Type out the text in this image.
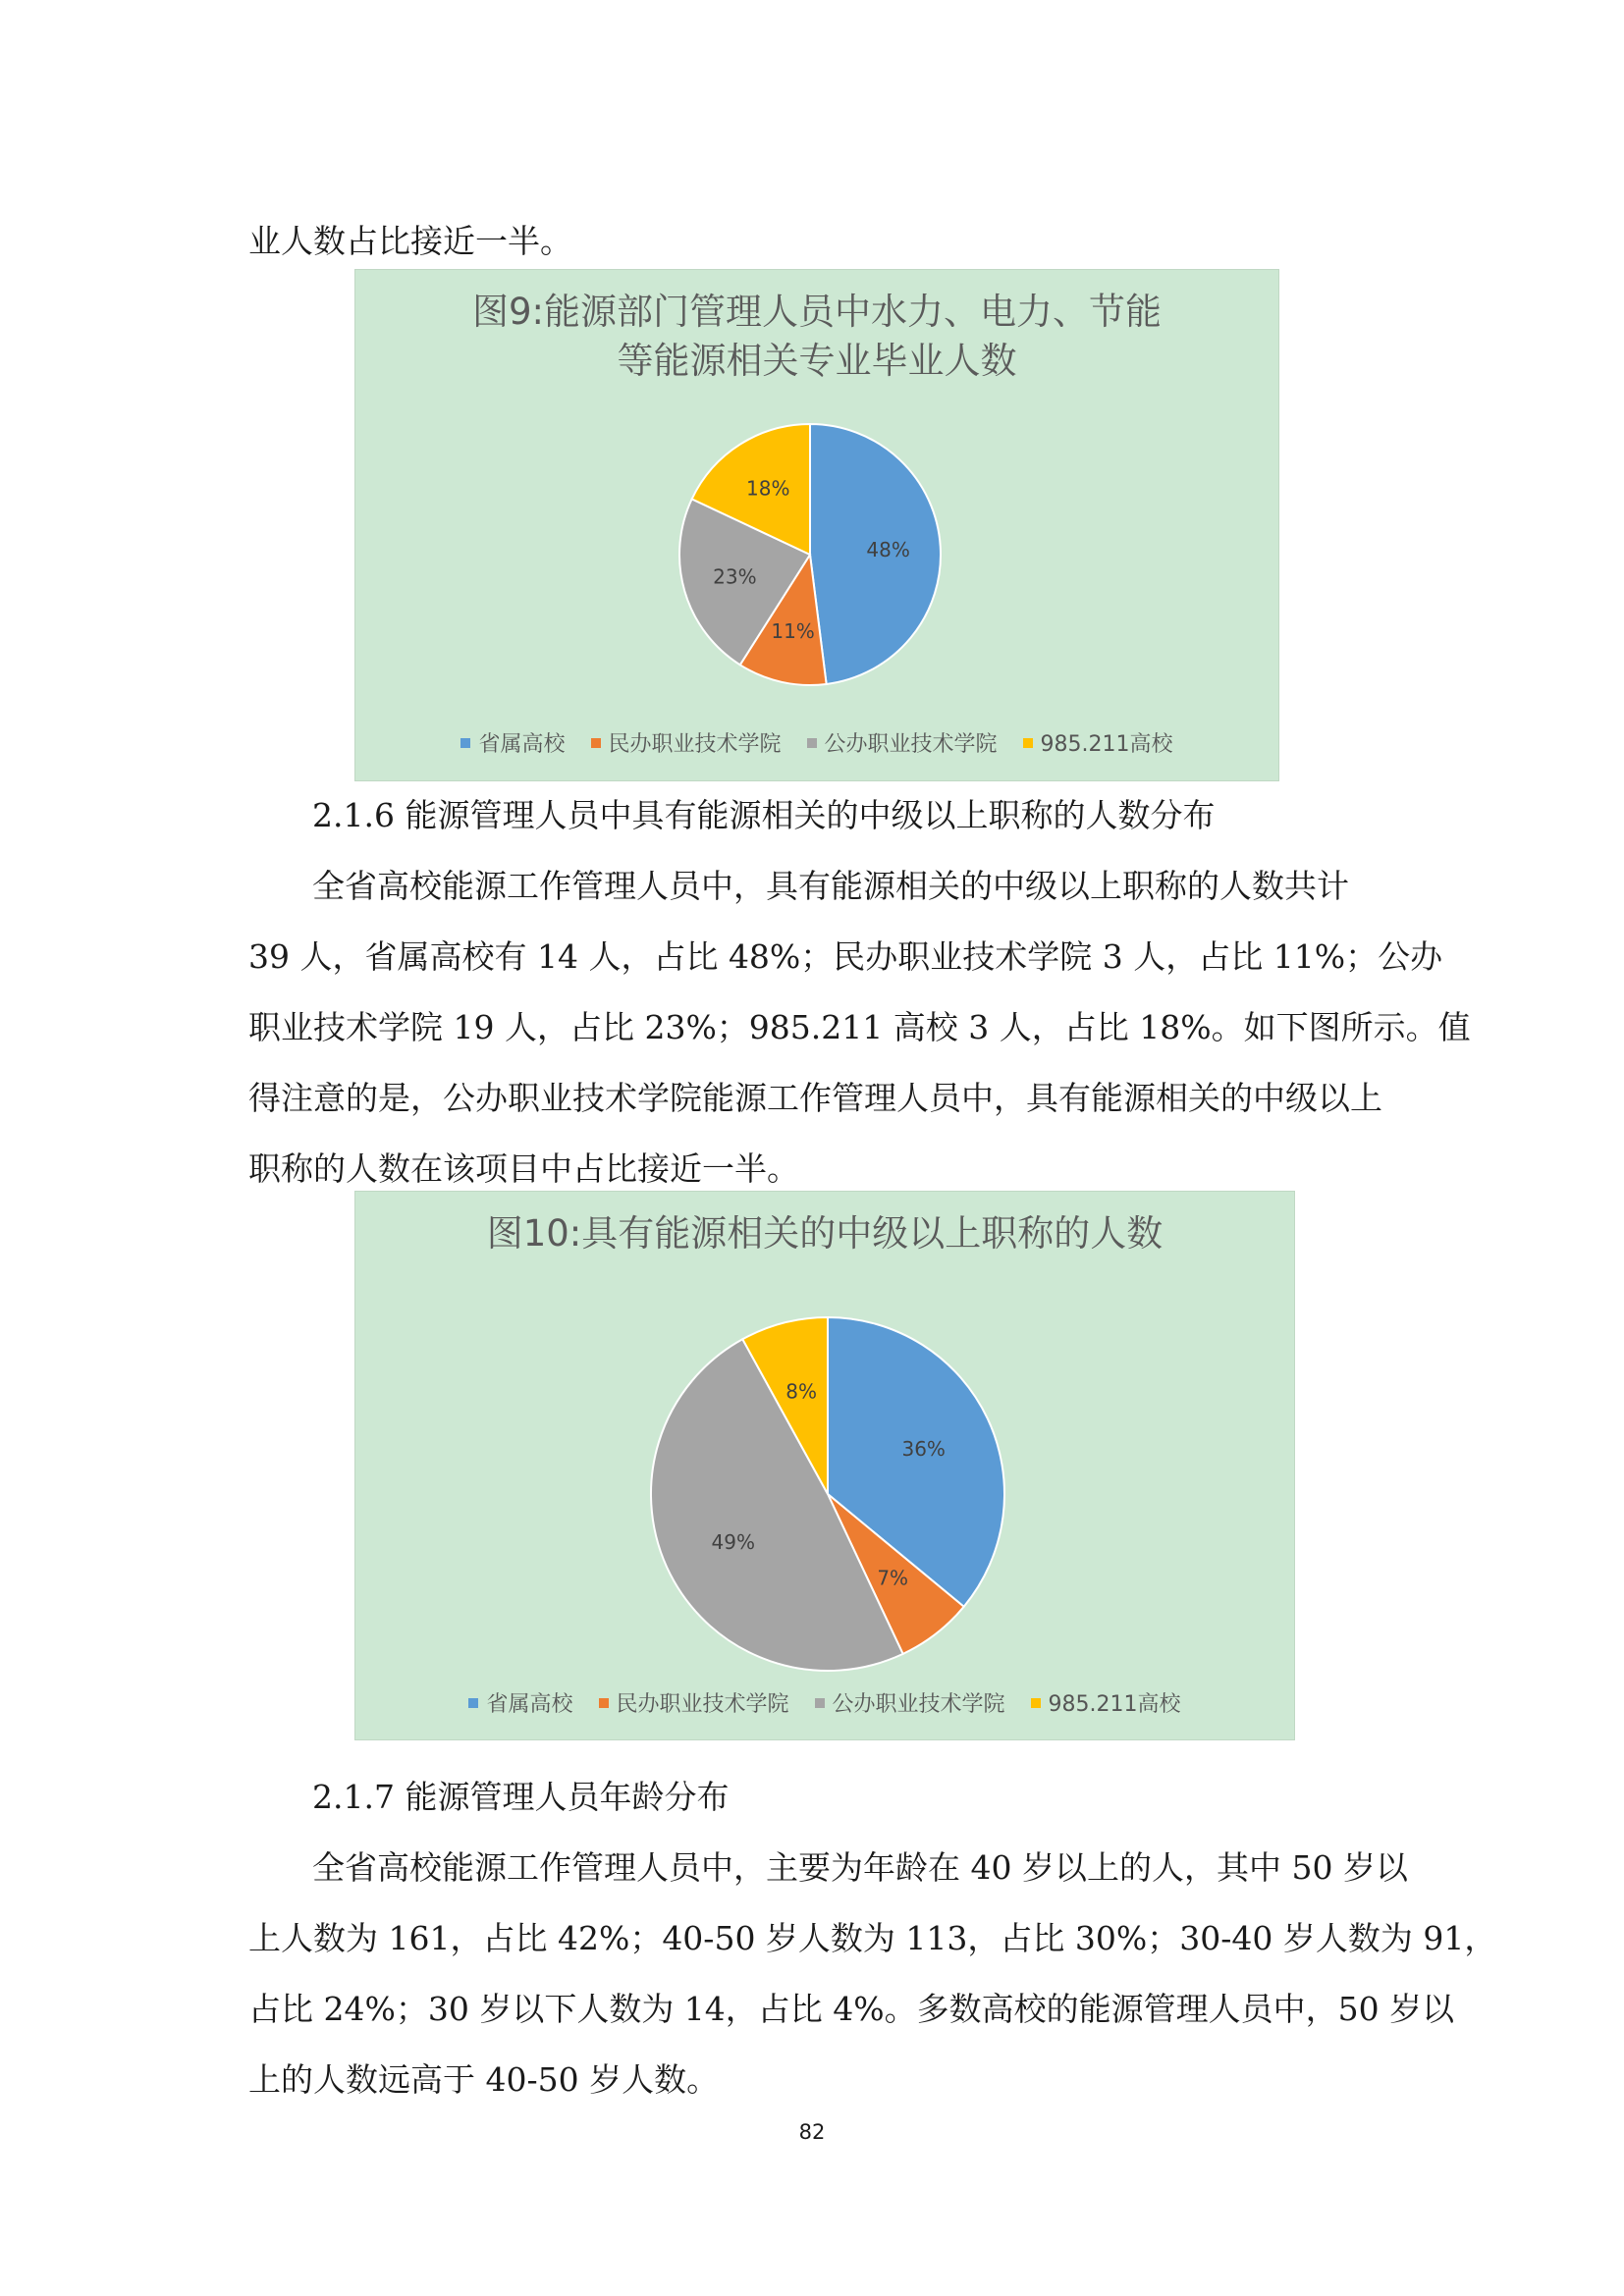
业人数占比接近一半。
图9:能源部门管理人员中水力、电力、节能
等能源相关专业毕业人数
48%
11%
23%
18%
省属高校 民办职业技术学院 公办职业技术学院 985.211高校
2.1.6 能源管理人员中具有能源相关的中级以上职称的人数分布
全省高校能源工作管理人员中，具有能源相关的中级以上职称的人数共计
39 人，省属高校有 14 人，占比 48%；民办职业技术学院 3 人，占比 11%；公办
职业技术学院 19 人，占比 23%；985.211 高校 3 人，占比 18%。如下图所示。值
得注意的是，公办职业技术学院能源工作管理人员中，具有能源相关的中级以上
职称的人数在该项目中占比接近一半。
图10:具有能源相关的中级以上职称的人数
36%
7%
49%
8%
省属高校 民办职业技术学院 公办职业技术学院 985.211高校
2.1.7 能源管理人员年龄分布
全省高校能源工作管理人员中，主要为年龄在 40 岁以上的人，其中 50 岁以
上人数为 161，占比 42%；40-50 岁人数为 113，占比 30%；30-40 岁人数为 91，
占比 24%；30 岁以下人数为 14，占比 4%。多数高校的能源管理人员中，50 岁以
上的人数远高于 40-50 岁人数。
82
